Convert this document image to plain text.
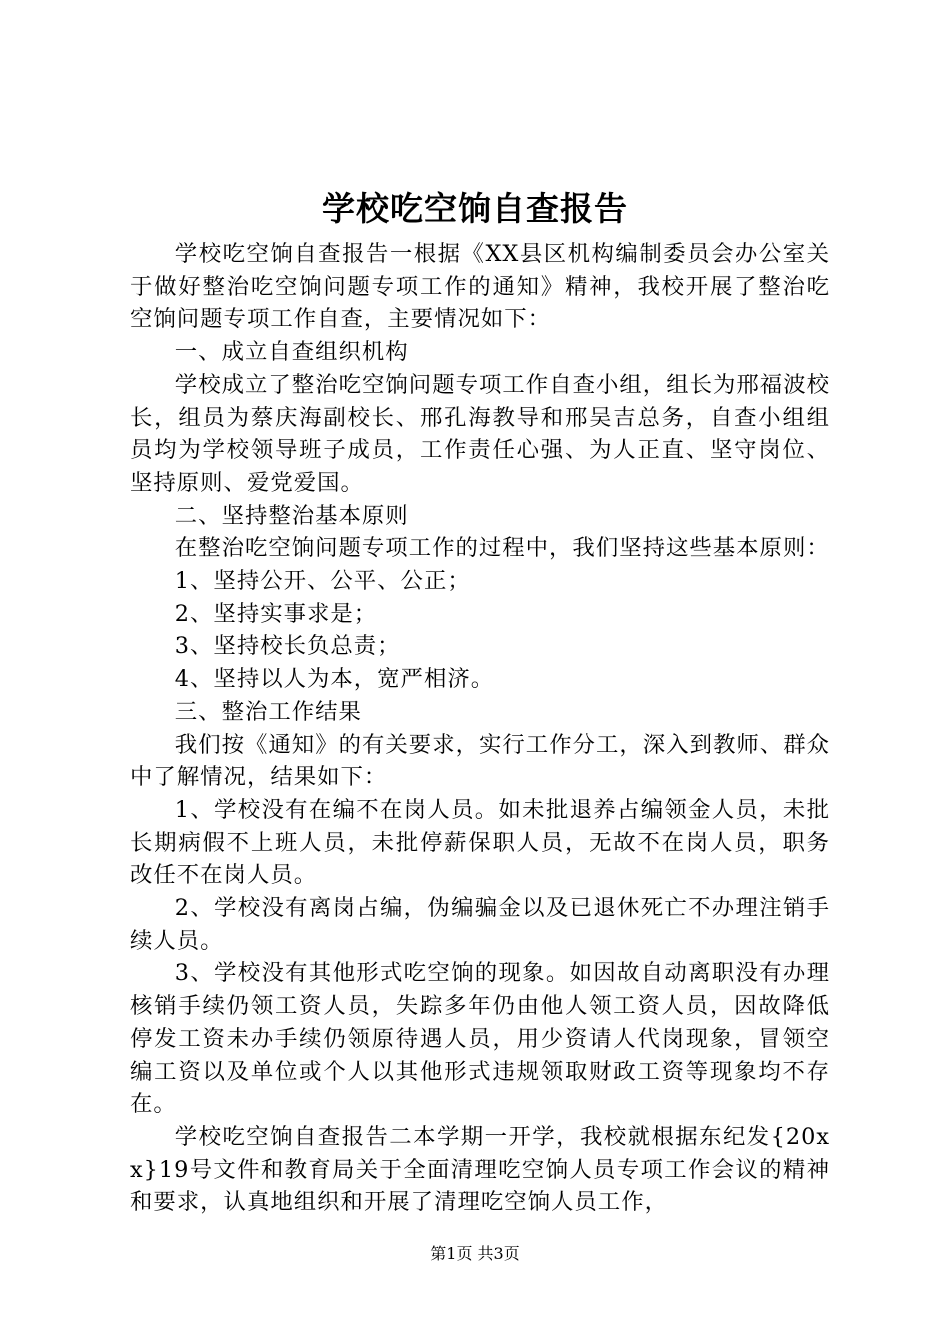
学校吃空饷自查报告

学校吃空饷自查报告一根据《XX县区机构编制委员会办公室关于做好整治吃空饷问题专项工作的通知》精神，我校开展了整治吃空饷问题专项工作自查，主要情况如下：

一、成立自查组织机构

学校成立了整治吃空饷问题专项工作自查小组，组长为邢福波校长，组员为蔡庆海副校长、邢孔海教导和邢吴吉总务，自查小组组员均为学校领导班子成员，工作责任心强、为人正直、坚守岗位、坚持原则、爱党爱国。

二、坚持整治基本原则

在整治吃空饷问题专项工作的过程中，我们坚持这些基本原则：

1、坚持公开、公平、公正；

2、坚持实事求是；

3、坚持校长负总责；

4、坚持以人为本，宽严相济。

三、整治工作结果

我们按《通知》的有关要求，实行工作分工，深入到教师、群众中了解情况，结果如下：

1、学校没有在编不在岗人员。如未批退养占编领金人员，未批长期病假不上班人员，未批停薪保职人员，无故不在岗人员，职务改任不在岗人员。

2、学校没有离岗占编，伪编骗金以及已退休死亡不办理注销手续人员。

3、学校没有其他形式吃空饷的现象。如因故自动离职没有办理核销手续仍领工资人员，失踪多年仍由他人领工资人员，因故降低停发工资未办手续仍领原待遇人员，用少资请人代岗现象，冒领空编工资以及单位或个人以其他形式违规领取财政工资等现象均不存在。

学校吃空饷自查报告二本学期一开学，我校就根据东纪发{20xx}19号文件和教育局关于全面清理吃空饷人员专项工作会议的精神和要求，认真地组织和开展了清理吃空饷人员工作，

第1页 共3页
